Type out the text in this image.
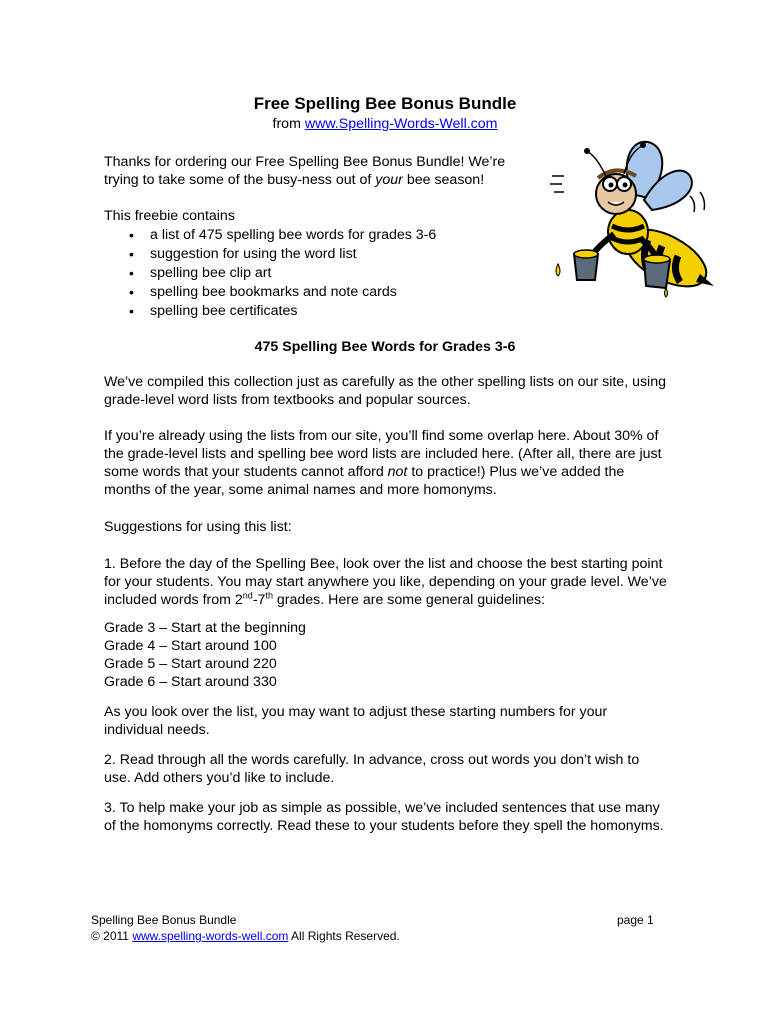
Free Spelling Bee Bonus Bundle
from www.Spelling-Words-Well.com

Thanks for ordering our Free Spelling Bee Bonus Bundle! We’re

trying to take some of the busy-ness out of your bee season!

This freebie contains

• a list of 475 spelling bee words for grades 3-6
• suggestion for using the word list
• spelling bee clip art
• spelling bee bookmarks and note cards
• spelling bee certificates
475 Spelling Bee Words for Grades 3-6

We’ve compiled this collection just as carefully as the other spelling lists on our site, using grade-level word lists from textbooks and popular sources.

If you’re already using the lists from our site, you’ll find some overlap here. About 30% of the grade-level lists and spelling bee word lists are included here. (After all, there are just some words that your students cannot afford not to practice!) Plus we’ve added the months of the year, some animal names and more homonyms.

Suggestions for using this list:

1. Before the day of the Spelling Bee, look over the list and choose the best starting point for your students. You may start anywhere you like, depending on your grade level. We’ve included words from 2nd-7th grades. Here are some general guidelines:

Grade 3 – Start at the beginning

Grade 4 – Start around 100

Grade 5 – Start around 220

Grade 6 – Start around 330

As you look over the list, you may want to adjust these starting numbers for your individual needs.

2. Read through all the words carefully. In advance, cross out words you don’t wish to use. Add others you’d like to include.

3. To help make your job as simple as possible, we’ve included sentences that use many of the homonyms correctly. Read these to your students before they spell the homonyms.

Spelling Bee Bonus Bundle	page 1
© 2011 www.spelling-words-well.com All Rights Reserved.
